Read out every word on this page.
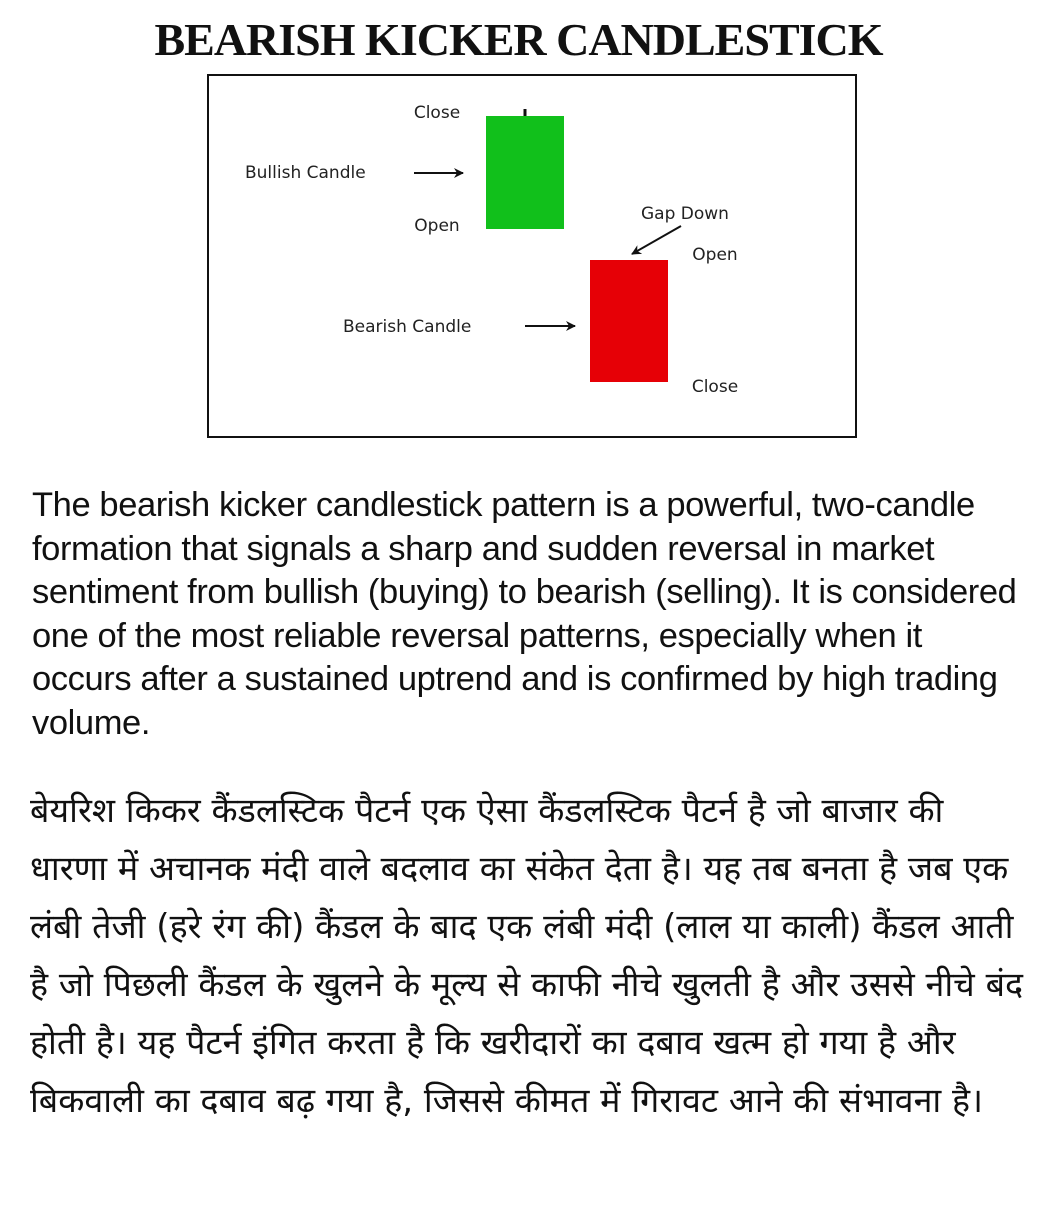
BEARISH KICKER CANDLESTICK
Close
Open
Bullish Candle
Open
Close
Bearish Candle
Gap Down

The bearish kicker candlestick pattern is a powerful, two-candle formation that signals a sharp and sudden reversal in market sentiment from bullish (buying) to bearish (selling). It is considered one of the most reliable reversal patterns, especially when it occurs after a sustained uptrend and is confirmed by high trading volume.

बेयरिश किकर कैंडलस्टिक पैटर्न एक ऐसा कैंडलस्टिक पैटर्न है जो बाजार की धारणा में अचानक मंदी वाले बदलाव का संकेत देता है। यह तब बनता है जब एक लंबी तेजी (हरे रंग की) कैंडल के बाद एक लंबी मंदी (लाल या काली) कैंडल आती है जो पिछली कैंडल के खुलने के मूल्य से काफी नीचे खुलती है और उससे नीचे बंद होती है। यह पैटर्न इंगित करता है कि खरीदारों का दबाव खत्म हो गया है और बिकवाली का दबाव बढ़ गया है, जिससे कीमत में गिरावट आने की संभावना है।
